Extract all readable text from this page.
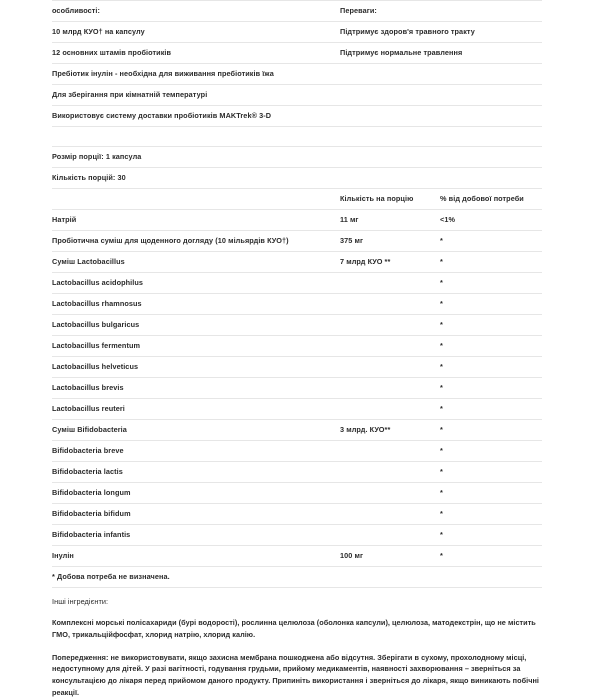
особливості:	Переваги:	
10 млрд КУО† на капсулу	Підтримує здоров'я травного тракту	
12 основних штамів пробіотиків	Підтримує нормальне травлення	
Пребіотик інулін - необхідна для виживання пребіотиків їжа		
Для зберігання при кімнатній температурі		
Використовує систему доставки пробіотиків MAKTrek® 3-D		

Розмір порції: 1 капсула		
Кількість порцій: 30		
	Кількість на порцію	% від добової потреби
Натрій	11 мг	<1%
Пробіотична суміш для щоденного догляду (10 мільярдів КУО†)	375 мг	*
Суміш Lactobacillus	7 млрд КУО **	*
Lactobacillus acidophilus		*
Lactobacillus rhamnosus		*
Lactobacillus bulgaricus		*
Lactobacillus fermentum		*
Lactobacillus helveticus		*
Lactobacillus brevis		*
Lactobacillus reuteri		*
Суміш Bifidobacteria	3 млрд. КУО**	*
Bifidobacteria breve		*
Bifidobacteria lactis		*
Bifidobacteria longum		*
Bifidobacteria bifidum		*
Bifidobacteria infantis		*
Інулін	100 мг	*
* Добова потреба не визначена.		
Інші інгредієнти:
Комплексні морські полісахариди (бурі водорості), рослинна целюлоза (оболонка капсули), целюлоза, матодекстрін, що не містить ГМО, трикальційфосфат, хлорид натрію, хлорид калію.
Попередження: не використовувати, якщо захисна мембрана пошкоджена або відсутня. Зберігати в сухому, прохолодному місці, недоступному для дітей. У разі вагітності, годування грудьми, прийому медикаментів, наявності захворювання – зверніться за консультацією до лікаря перед прийомом даного продукту. Припиніть використання і зверніться до лікаря, якщо виникають побічні реакції.
